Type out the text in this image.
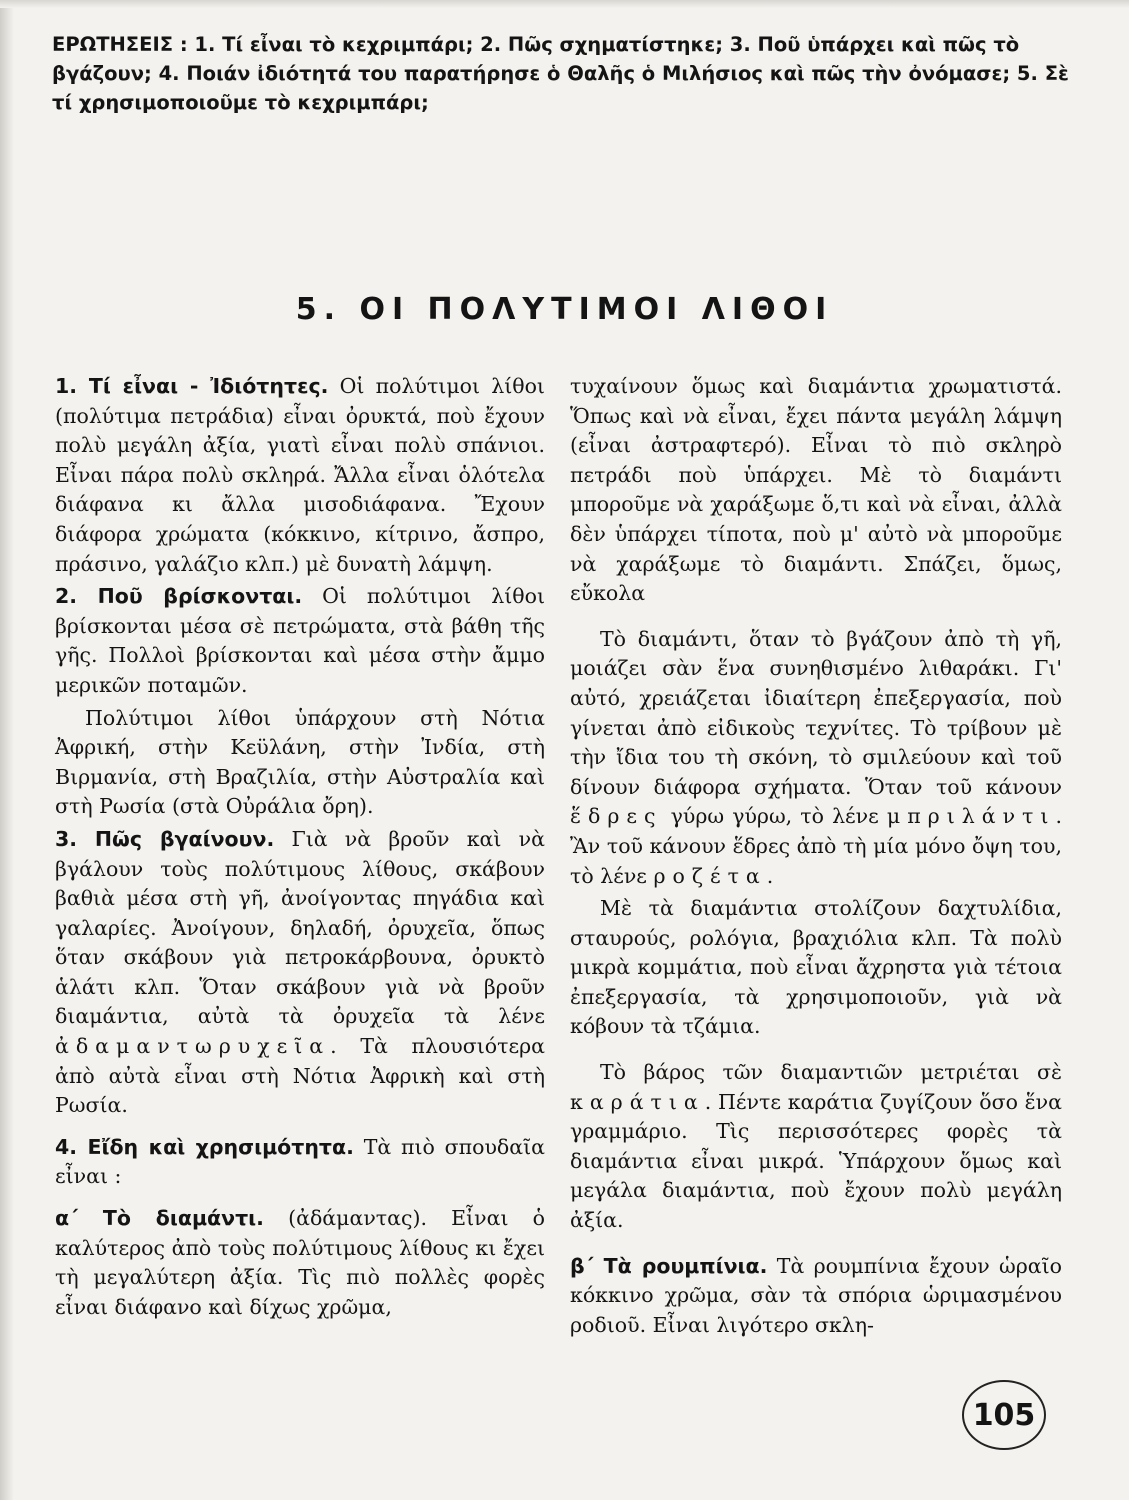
ΕΡΩΤΗΣΕΙΣ : 1. Τί εἶναι τὸ κεχριμπάρι; 2. Πῶς σχηματίστηκε; 3. Ποῦ ὑπάρχει καὶ πῶς τὸ βγάζουν; 4. Ποιάν ἰδιότητά του παρατήρησε ὁ Θαλῆς ὁ Μιλήσιος καὶ πῶς τὴν ὀνόμασε; 5. Σὲ τί χρησιμοποιοῦμε τὸ κεχριμπάρι;

5. ΟΙ ΠΟΛΥΤΙΜΟΙ ΛΙΘΟΙ

1. Τί εἶναι - Ἰδιότητες. Οἱ πολύτιμοι λίθοι (πολύτιμα πετράδια) εἶναι ὀρυκτά, ποὺ ἔχουν πολὺ μεγάλη ἀξία, γιατὶ εἶναι πολὺ σπάνιοι. Εἶναι πάρα πολὺ σκληρά. Ἄλλα εἶναι ὁλότελα διάφανα κι ἄλλα μισοδιάφανα. Ἔχουν διάφορα χρώματα (κόκκινο, κίτρινο, ἄσπρο, πράσινο, γαλάζιο κλπ.) μὲ δυνατὴ λάμψη.

2. Ποῦ βρίσκονται. Οἱ πολύτιμοι λίθοι βρίσκονται μέσα σὲ πετρώματα, στὰ βάθη τῆς γῆς. Πολλοὶ βρίσκονται καὶ μέσα στὴν ἄμμο μερικῶν ποταμῶν.

Πολύτιμοι λίθοι ὑπάρχουν στὴ Νότια Ἀφρική, στὴν Κεϋλάνη, στὴν Ἰνδία, στὴ Βιρμανία, στὴ Βραζιλία, στὴν Αὐστραλία καὶ στὴ Ρωσία (στὰ Οὐράλια ὄρη).

3. Πῶς βγαίνουν. Γιὰ νὰ βροῦν καὶ νὰ βγάλουν τοὺς πολύτιμους λίθους, σκάβουν βαθιὰ μέσα στὴ γῆ, ἀνοίγοντας πηγάδια καὶ γαλαρίες. Ἀνοίγουν, δηλαδή, ὀρυχεῖα, ὅπως ὅταν σκάβουν γιὰ πετροκάρβουνα, ὀρυκτὸ ἁλάτι κλπ. Ὅταν σκάβουν γιὰ νὰ βροῦν διαμάντια, αὐτὰ τὰ ὀρυχεῖα τὰ λένε ἀδαμαντωρυχεῖα. Τὰ πλουσιότερα ἀπὸ αὐτὰ εἶναι στὴ Νότια Ἀφρικὴ καὶ στὴ Ρωσία.

4. Εἴδη καὶ χρησιμότητα. Τὰ πιὸ σπουδαῖα εἶναι :

α΄ Τὸ διαμάντι. (ἀδάμαντας). Εἶναι ὁ καλύτερος ἀπὸ τοὺς πολύτιμους λίθους κι ἔχει τὴ μεγαλύτερη ἀξία. Τὶς πιὸ πολλὲς φορὲς εἶναι διάφανο καὶ δίχως χρῶμα,

τυχαίνουν ὅμως καὶ διαμάντια χρωματιστά. Ὅπως καὶ νὰ εἶναι, ἔχει πάντα μεγάλη λάμψη (εἶναι ἀστραφτερό). Εἶναι τὸ πιὸ σκληρὸ πετράδι ποὺ ὑπάρχει. Μὲ τὸ διαμάντι μποροῦμε νὰ χαράξωμε ὅ,τι καὶ νὰ εἶναι, ἀλλὰ δὲν ὑπάρχει τίποτα, ποὺ μ' αὐτὸ νὰ μποροῦμε νὰ χαράξωμε τὸ διαμάντι. Σπάζει, ὅμως, εὔκολα

Τὸ διαμάντι, ὅταν τὸ βγάζουν ἀπὸ τὴ γῆ, μοιάζει σὰν ἕνα συνηθισμένο λιθαράκι. Γι' αὐτό, χρειάζεται ἰδιαίτερη ἐπεξεργασία, ποὺ γίνεται ἀπὸ εἰδικοὺς τεχνίτες. Τὸ τρίβουν μὲ τὴν ἴδια του τὴ σκόνη, τὸ σμιλεύουν καὶ τοῦ δίνουν διάφορα σχήματα. Ὅταν τοῦ κάνουν ἕδρες γύρω γύρω, τὸ λένε μπριλάντι. Ἂν τοῦ κάνουν ἕδρες ἀπὸ τὴ μία μόνο ὄψη του, τὸ λένε ροζέτα.

Μὲ τὰ διαμάντια στολίζουν δαχτυλίδια, σταυρούς, ρολόγια, βραχιόλια κλπ. Τὰ πολὺ μικρὰ κομμάτια, ποὺ εἶναι ἄχρηστα γιὰ τέτοια ἐπεξεργασία, τὰ χρησιμοποιοῦν, γιὰ νὰ κόβουν τὰ τζάμια.

Τὸ βάρος τῶν διαμαντιῶν μετριέται σὲ καράτια. Πέντε καράτια ζυγίζουν ὅσο ἕνα γραμμάριο. Τὶς περισσότερες φορὲς τὰ διαμάντια εἶναι μικρά. Ὑπάρχουν ὅμως καὶ μεγάλα διαμάντια, ποὺ ἔχουν πολὺ μεγάλη ἀξία.

β΄ Τὰ ρουμπίνια. Τὰ ρουμπίνια ἔχουν ὡραῖο κόκκινο χρῶμα, σὰν τὰ σπόρια ὡριμασμένου ροδιοῦ. Εἶναι λιγότερο σκλη-

105
